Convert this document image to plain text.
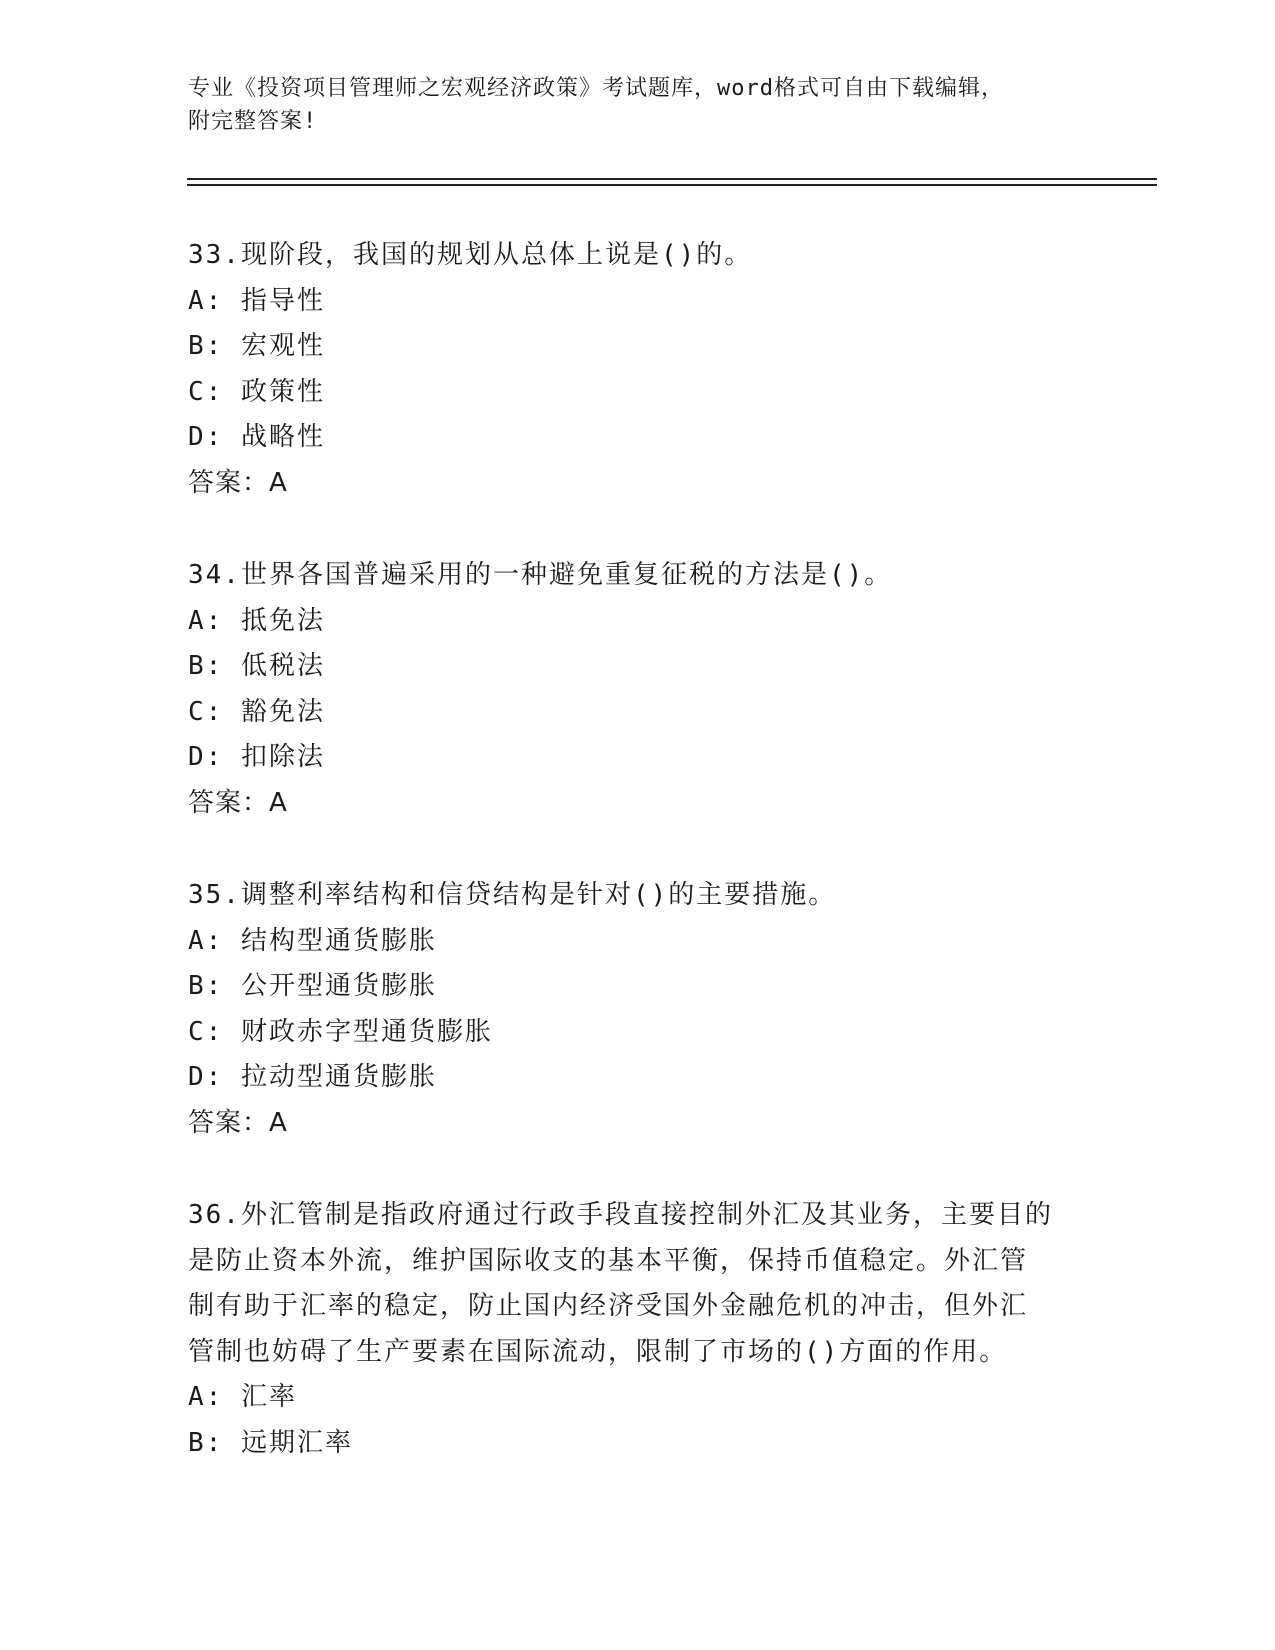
专业《投资项目管理师之宏观经济政策》考试题库，word格式可自由下载编辑，
附完整答案!
33.现阶段，我国的规划从总体上说是()的。
A: 指导性
B: 宏观性
C: 政策性
D: 战略性
答案：A
34.世界各国普遍采用的一种避免重复征税的方法是()。
A: 抵免法
B: 低税法
C: 豁免法
D: 扣除法
答案：A
35.调整利率结构和信贷结构是针对()的主要措施。
A: 结构型通货膨胀
B: 公开型通货膨胀
C: 财政赤字型通货膨胀
D: 拉动型通货膨胀
答案：A
36.外汇管制是指政府通过行政手段直接控制外汇及其业务，主要目的
是防止资本外流，维护国际收支的基本平衡，保持币值稳定。外汇管
制有助于汇率的稳定，防止国内经济受国外金融危机的冲击，但外汇
管制也妨碍了生产要素在国际流动，限制了市场的()方面的作用。
A: 汇率
B: 远期汇率
